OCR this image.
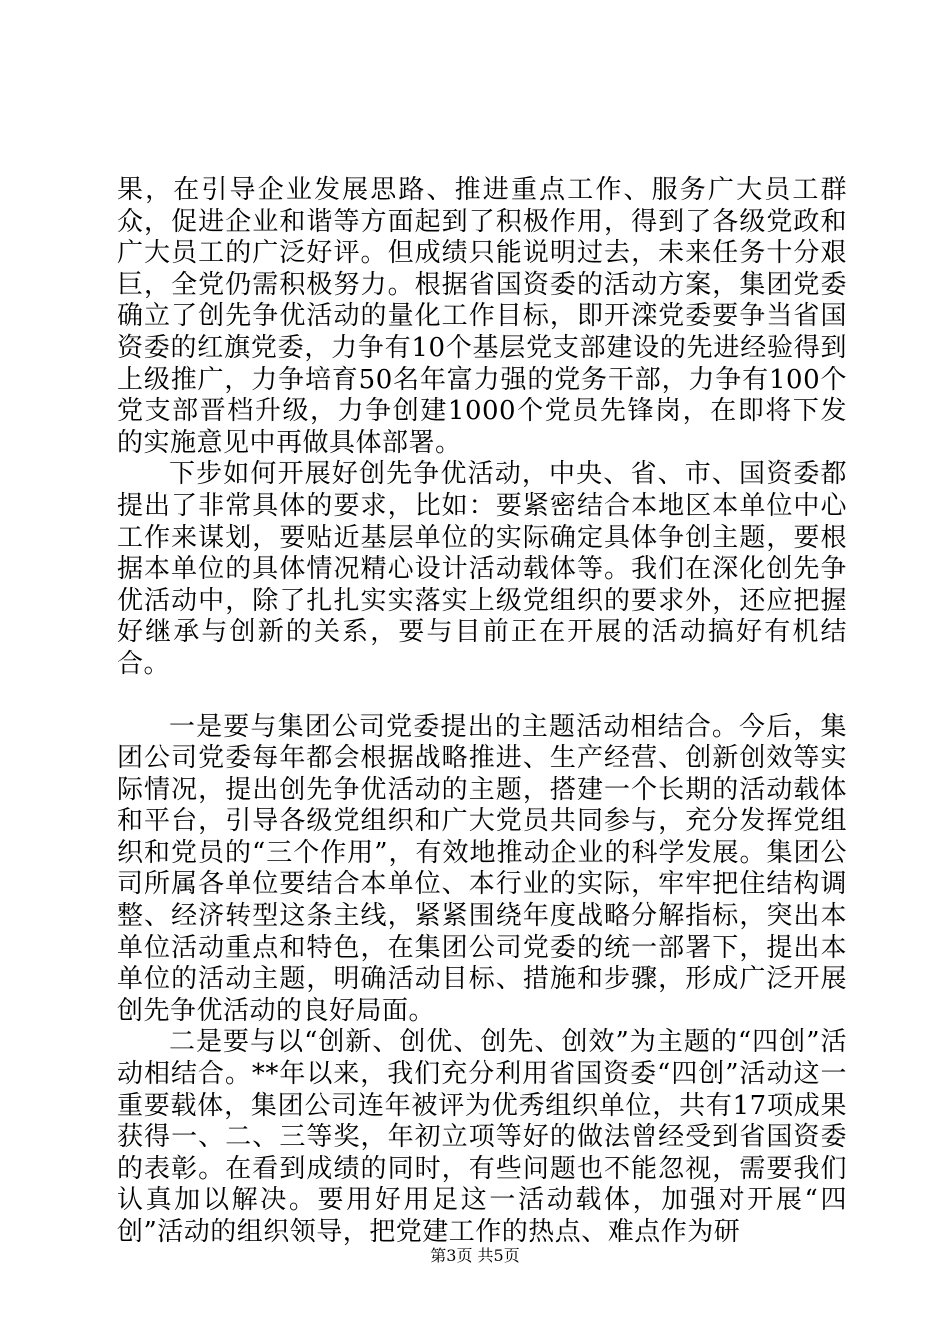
果，在引导企业发展思路、推进重点工作、服务广大员工群众，促进企业和谐等方面起到了积极作用，得到了各级党政和广大员工的广泛好评。但成绩只能说明过去，未来任务十分艰巨，全党仍需积极努力。根据省国资委的活动方案，集团党委确立了创先争优活动的量化工作目标，即开滦党委要争当省国资委的红旗党委，力争有10个基层党支部建设的先进经验得到上级推广，力争培育50名年富力强的党务干部，力争有100个党支部晋档升级，力争创建1000个党员先锋岗，在即将下发的实施意见中再做具体部署。

下步如何开展好创先争优活动，中央、省、市、国资委都提出了非常具体的要求，比如：要紧密结合本地区本单位中心工作来谋划，要贴近基层单位的实际确定具体争创主题，要根据本单位的具体情况精心设计活动载体等。我们在深化创先争优活动中，除了扎扎实实落实上级党组织的要求外，还应把握好继承与创新的关系，要与目前正在开展的活动搞好有机结合。

一是要与集团公司党委提出的主题活动相结合。今后，集团公司党委每年都会根据战略推进、生产经营、创新创效等实际情况，提出创先争优活动的主题，搭建一个长期的活动载体和平台，引导各级党组织和广大党员共同参与，充分发挥党组织和党员的“三个作用”，有效地推动企业的科学发展。集团公司所属各单位要结合本单位、本行业的实际，牢牢把住结构调整、经济转型这条主线，紧紧围绕年度战略分解指标，突出本单位活动重点和特色，在集团公司党委的统一部署下，提出本单位的活动主题，明确活动目标、措施和步骤，形成广泛开展创先争优活动的良好局面。

二是要与以“创新、创优、创先、创效”为主题的“四创”活动相结合。**年以来，我们充分利用省国资委“四创”活动这一重要载体，集团公司连年被评为优秀组织单位，共有17项成果获得一、二、三等奖，年初立项等好的做法曾经受到省国资委的表彰。在看到成绩的同时，有些问题也不能忽视，需要我们认真加以解决。要用好用足这一活动载体，加强对开展“四创”活动的组织领导，把党建工作的热点、难点作为研

第3页 共5页
